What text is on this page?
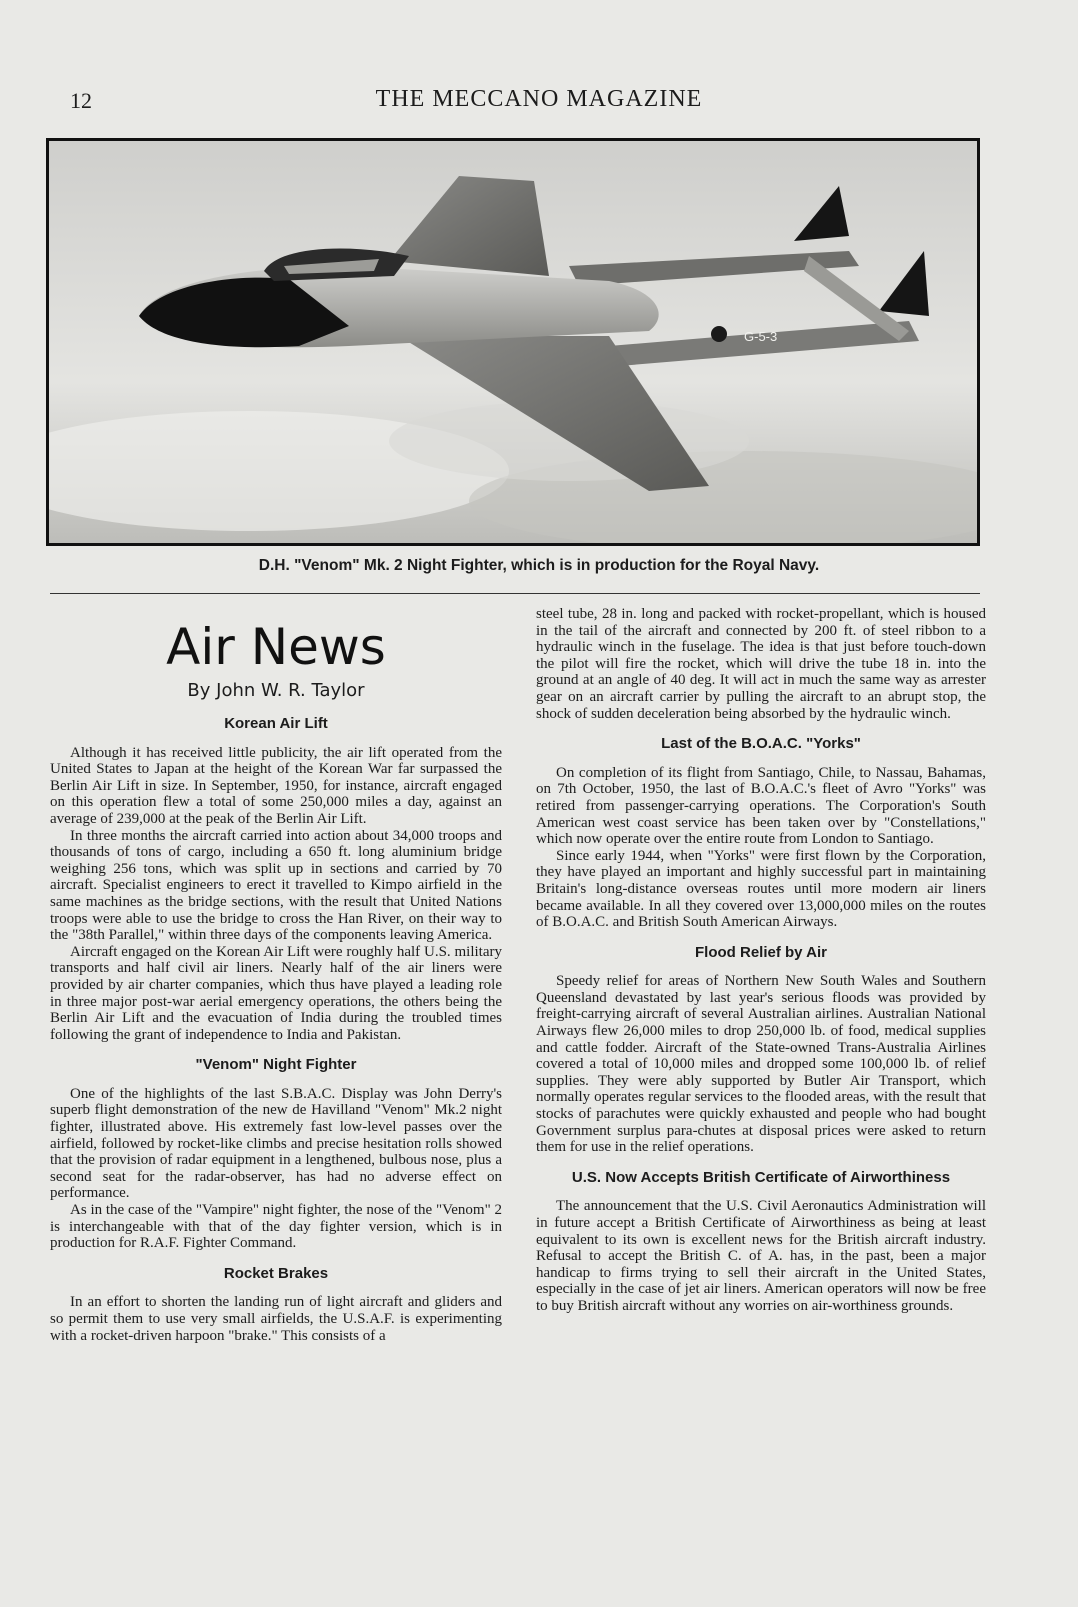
12	THE MECCANO MAGAZINE
G-5-3
D.H. "Venom" Mk. 2 Night Fighter, which is in production for the Royal Navy.
Air News
By John W. R. Taylor
Korean Air Lift

Although it has received little publicity, the air lift operated from the United States to Japan at the height of the Korean War far surpassed the Berlin Air Lift in size. In September, 1950, for instance, aircraft engaged on this operation flew a total of some 250,000 miles a day, against an average of 239,000 at the peak of the Berlin Air Lift.

In three months the aircraft carried into action about 34,000 troops and thousands of tons of cargo, including a 650 ft. long aluminium bridge weighing 256 tons, which was split up in sections and carried by 70 aircraft. Specialist engineers to erect it travelled to Kimpo airfield in the same machines as the bridge sections, with the result that United Nations troops were able to use the bridge to cross the Han River, on their way to the "38th Parallel," within three days of the components leaving America.

Aircraft engaged on the Korean Air Lift were roughly half U.S. military transports and half civil air liners. Nearly half of the air liners were provided by air charter companies, which thus have played a leading role in three major post-war aerial emergency operations, the others being the Berlin Air Lift and the evacuation of India during the troubled times following the grant of independence to India and Pakistan.

"Venom" Night Fighter

One of the highlights of the last S.B.A.C. Display was John Derry's superb flight demonstration of the new de Havilland "Venom" Mk.2 night fighter, illustrated above. His extremely fast low-level passes over the airfield, followed by rocket-like climbs and precise hesitation rolls showed that the provision of radar equipment in a lengthened, bulbous nose, plus a second seat for the radar-observer, has had no adverse effect on performance.

As in the case of the "Vampire" night fighter, the nose of the "Venom" 2 is interchangeable with that of the day fighter version, which is in production for R.A.F. Fighter Command.

Rocket Brakes

In an effort to shorten the landing run of light aircraft and gliders and so permit them to use very small airfields, the U.S.A.F. is experimenting with a rocket-driven harpoon "brake." This consists of a

steel tube, 28 in. long and packed with rocket-propellant, which is housed in the tail of the aircraft and connected by 200 ft. of steel ribbon to a hydraulic winch in the fuselage. The idea is that just before touch-down the pilot will fire the rocket, which will drive the tube 18 in. into the ground at an angle of 40 deg. It will act in much the same way as arrester gear on an aircraft carrier by pulling the aircraft to an abrupt stop, the shock of sudden deceleration being absorbed by the hydraulic winch.

Last of the B.O.A.C. "Yorks"

On completion of its flight from Santiago, Chile, to Nassau, Bahamas, on 7th October, 1950, the last of B.O.A.C.'s fleet of Avro "Yorks" was retired from passenger-carrying operations. The Corporation's South American west coast service has been taken over by "Constellations," which now operate over the entire route from London to Santiago.

Since early 1944, when "Yorks" were first flown by the Corporation, they have played an important and highly successful part in maintaining Britain's long-distance overseas routes until more modern air liners became available. In all they covered over 13,000,000 miles on the routes of B.O.A.C. and British South American Airways.

Flood Relief by Air

Speedy relief for areas of Northern New South Wales and Southern Queensland devastated by last year's serious floods was provided by freight-carrying aircraft of several Australian airlines. Australian National Airways flew 26,000 miles to drop 250,000 lb. of food, medical supplies and cattle fodder. Aircraft of the State-owned Trans-Australia Airlines covered a total of 10,000 miles and dropped some 100,000 lb. of relief supplies. They were ably supported by Butler Air Transport, which normally operates regular services to the flooded areas, with the result that stocks of parachutes were quickly exhausted and people who had bought Government surplus para-chutes at disposal prices were asked to return them for use in the relief operations.

U.S. Now Accepts British Certificate of Airworthiness

The announcement that the U.S. Civil Aeronautics Administration will in future accept a British Certificate of Airworthiness as being at least equivalent to its own is excellent news for the British aircraft industry. Refusal to accept the British C. of A. has, in the past, been a major handicap to firms trying to sell their aircraft in the United States, especially in the case of jet air liners. American operators will now be free to buy British aircraft without any worries on air-worthiness grounds.
